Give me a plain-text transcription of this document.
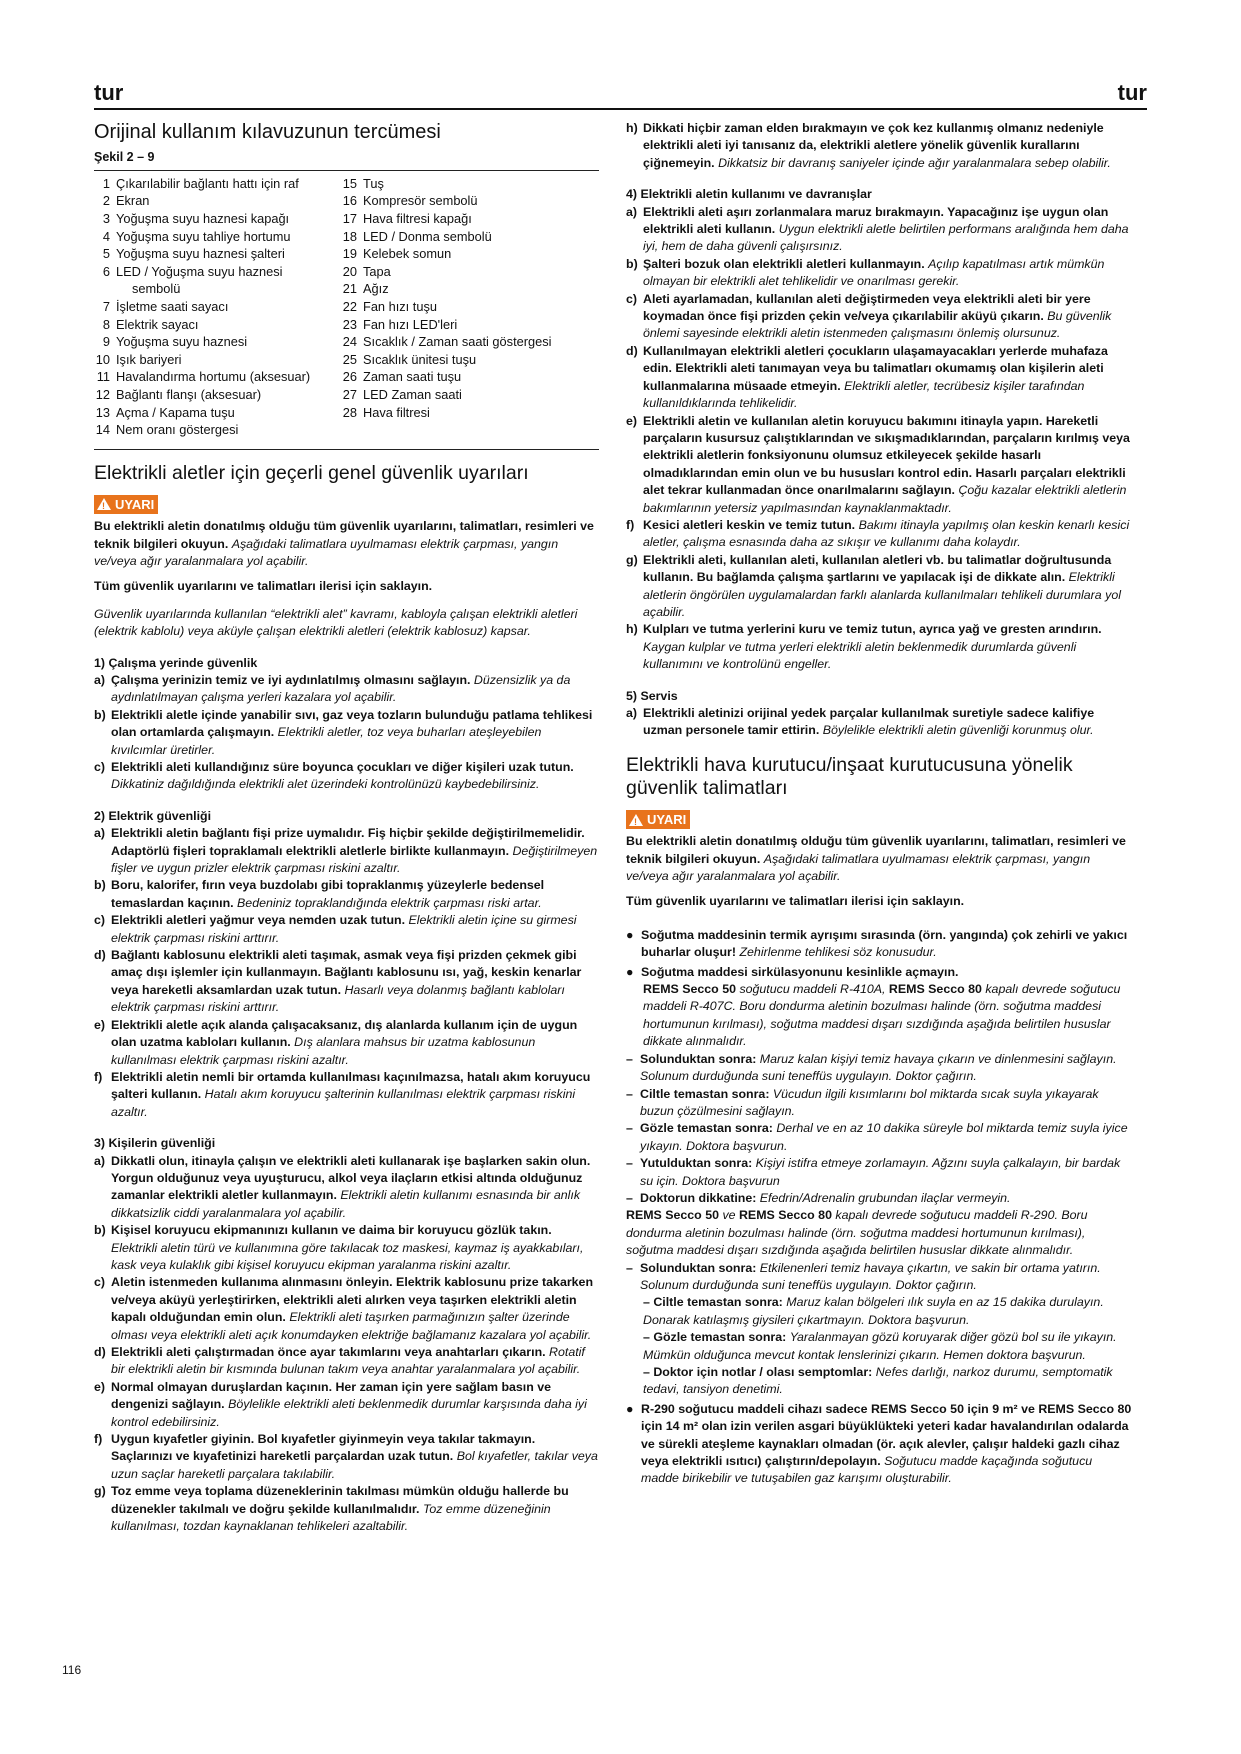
tur	tur
Orijinal kullanım kılavuzunun tercümesi
Şekil 2 – 9
1 Çıkarılabilir bağlantı hattı için raf
2 Ekran
3 Yoğuşma suyu haznesi kapağı
4 Yoğuşma suyu tahliye hortumu
5 Yoğuşma suyu haznesi şalteri
6 LED / Yoğuşma suyu haznesi
sembolü
7 İşletme saati sayacı
8 Elektrik sayacı
9 Yoğuşma suyu haznesi
10 Işık bariyeri
11 Havalandırma hortumu (aksesuar)
12 Bağlantı flanşı (aksesuar)
13 Açma / Kapama tuşu
14 Nem oranı göstergesi
15 Tuş
16 Kompresör sembolü
17 Hava filtresi kapağı
18 LED / Donma sembolü
19 Kelebek somun
20 Tapa
21 Ağız
22 Fan hızı tuşu
23 Fan hızı LED'leri
24 Sıcaklık / Zaman saati göstergesi
25 Sıcaklık ünitesi tuşu
26 Zaman saati tuşu
27 LED Zaman saati
28 Hava filtresi
Elektrikli aletler için geçerli genel güvenlik uyarıları
!
UYARI

Bu elektrikli aletin donatılmış olduğu tüm güvenlik uyarılarını, talimatları, resimleri ve teknik bilgileri okuyun. Aşağıdaki talimatlara uyulmaması elektrik çarpması, yangın ve/veya ağır yaralanmalara yol açabilir.

Tüm güvenlik uyarılarını ve talimatları ilerisi için saklayın.

Güvenlik uyarılarında kullanılan “elektrikli alet” kavramı, kabloyla çalışan elektrikli aletleri (elektrik kablolu) veya aküyle çalışan elektrikli aletleri (elektrik kablosuz) kapsar.

1) Çalışma yerinde güvenlik

a) Çalışma yerinizin temiz ve iyi aydınlatılmış olmasını sağlayın. Düzensizlik ya da aydınlatılmayan çalışma yerleri kazalara yol açabilir.
b) Elektrikli aletle içinde yanabilir sıvı, gaz veya tozların bulunduğu patlama tehlikesi olan ortamlarda çalışmayın. Elektrikli aletler, toz veya buharları ateşleyebilen kıvılcımlar üretirler.
c) Elektrikli aleti kullandığınız süre boyunca çocukları ve diğer kişileri uzak tutun. Dikkatiniz dağıldığında elektrikli alet üzerindeki kontrolünüzü kaybedebilirsiniz.

2) Elektrik güvenliği

a) Elektrikli aletin bağlantı fişi prize uymalıdır. Fiş hiçbir şekilde değiştirilmemelidir. Adaptörlü fişleri topraklamalı elektrikli aletlerle birlikte kullanmayın. Değiştirilmeyen fişler ve uygun prizler elektrik çarpması riskini azaltır.
b) Boru, kalorifer, fırın veya buzdolabı gibi topraklanmış yüzeylerle bedensel temaslardan kaçının. Bedeniniz topraklandığında elektrik çarpması riski artar.
c) Elektrikli aletleri yağmur veya nemden uzak tutun. Elektrikli aletin içine su girmesi elektrik çarpması riskini arttırır.
d) Bağlantı kablosunu elektrikli aleti taşımak, asmak veya fişi prizden çekmek gibi amaç dışı işlemler için kullanmayın. Bağlantı kablosunu ısı, yağ, keskin kenarlar veya hareketli aksamlardan uzak tutun. Hasarlı veya dolanmış bağlantı kabloları elektrik çarpması riskini arttırır.
e) Elektrikli aletle açık alanda çalışacaksanız, dış alanlarda kullanım için de uygun olan uzatma kabloları kullanın. Dış alanlara mahsus bir uzatma kablosunun kullanılması elektrik çarpması riskini azaltır.
f) Elektrikli aletin nemli bir ortamda kullanılması kaçınılmazsa, hatalı akım koruyucu şalteri kullanın. Hatalı akım koruyucu şalterinin kullanılması elektrik çarpması riskini azaltır.

3) Kişilerin güvenliği

a) Dikkatli olun, itinayla çalışın ve elektrikli aleti kullanarak işe başlarken sakin olun. Yorgun olduğunuz veya uyuşturucu, alkol veya ilaçların etkisi altında olduğunuz zamanlar elektrikli aletler kullanmayın. Elektrikli aletin kullanımı esnasında bir anlık dikkatsizlik ciddi yaralanmalara yol açabilir.
b) Kişisel koruyucu ekipmanınızı kullanın ve daima bir koruyucu gözlük takın. Elektrikli aletin türü ve kullanımına göre takılacak toz maskesi, kaymaz iş ayakkabıları, kask veya kulaklık gibi kişisel koruyucu ekipman yaralanma riskini azaltır.
c) Aletin istenmeden kullanıma alınmasını önleyin. Elektrik kablosunu prize takarken ve/veya aküyü yerleştirirken, elektrikli aleti alırken veya taşırken elektrikli aletin kapalı olduğundan emin olun. Elektrikli aleti taşırken parmağınızın şalter üzerinde olması veya elektrikli aleti açık konumdayken elektriğe bağlamanız kazalara yol açabilir.
d) Elektrikli aleti çalıştırmadan önce ayar takımlarını veya anahtarları çıkarın. Rotatif bir elektrikli aletin bir kısmında bulunan takım veya anahtar yaralanmalara yol açabilir.
e) Normal olmayan duruşlardan kaçının. Her zaman için yere sağlam basın ve dengenizi sağlayın. Böylelikle elektrikli aleti beklenmedik durumlar karşısında daha iyi kontrol edebilirsiniz.
f) Uygun kıyafetler giyinin. Bol kıyafetler giyinmeyin veya takılar takmayın. Saçlarınızı ve kıyafetinizi hareketli parçalardan uzak tutun. Bol kıyafetler, takılar veya uzun saçlar hareketli parçalara takılabilir.
g) Toz emme veya toplama düzeneklerinin takılması mümkün olduğu hallerde bu düzenekler takılmalı ve doğru şekilde kullanılmalıdır. Toz emme düzeneğinin kullanılması, tozdan kaynaklanan tehlikeleri azaltabilir.
h) Dikkati hiçbir zaman elden bırakmayın ve çok kez kullanmış olmanız nedeniyle elektrikli aleti iyi tanısanız da, elektrikli aletlere yönelik güvenlik kurallarını çiğnemeyin. Dikkatsiz bir davranış saniyeler içinde ağır yaralanmalara sebep olabilir.

4) Elektrikli aletin kullanımı ve davranışlar

a) Elektrikli aleti aşırı zorlanmalara maruz bırakmayın. Yapacağınız işe uygun olan elektrikli aleti kullanın. Uygun elektrikli aletle belirtilen performans aralığında hem daha iyi, hem de daha güvenli çalışırsınız.
b) Şalteri bozuk olan elektrikli aletleri kullanmayın. Açılıp kapatılması artık mümkün olmayan bir elektrikli alet tehlikelidir ve onarılması gerekir.
c) Aleti ayarlamadan, kullanılan aleti değiştirmeden veya elektrikli aleti bir yere koymadan önce fişi prizden çekin ve/veya çıkarılabilir aküyü çıkarın. Bu güvenlik önlemi sayesinde elektrikli aletin istenmeden çalışmasını önlemiş olursunuz.
d) Kullanılmayan elektrikli aletleri çocukların ulaşamayacakları yerlerde muhafaza edin. Elektrikli aleti tanımayan veya bu talimatları okumamış olan kişilerin aleti kullanmalarına müsaade etmeyin. Elektrikli aletler, tecrübesiz kişiler tarafından kullanıldıklarında tehlikelidir.
e) Elektrikli aletin ve kullanılan aletin koruyucu bakımını itinayla yapın. Hareketli parçaların kusursuz çalıştıklarından ve sıkışmadıklarından, parçaların kırılmış veya elektrikli aletlerin fonksiyonunu olumsuz etkileyecek şekilde hasarlı olmadıklarından emin olun ve bu hususları kontrol edin. Hasarlı parçaları elektrikli alet tekrar kullanmadan önce onarılmalarını sağlayın. Çoğu kazalar elektrikli aletlerin bakımlarının yetersiz yapılmasından kaynaklanmaktadır.
f) Kesici aletleri keskin ve temiz tutun. Bakımı itinayla yapılmış olan keskin kenarlı kesici aletler, çalışma esnasında daha az sıkışır ve kullanımı daha kolaydır.
g) Elektrikli aleti, kullanılan aleti, kullanılan aletleri vb. bu talimatlar doğrultusunda kullanın. Bu bağlamda çalışma şartlarını ve yapılacak işi de dikkate alın. Elektrikli aletlerin öngörülen uygulamalardan farklı alanlarda kullanılmaları tehlikeli durumlara yol açabilir.
h) Kulpları ve tutma yerlerini kuru ve temiz tutun, ayrıca yağ ve gresten arındırın. Kaygan kulplar ve tutma yerleri elektrikli aletin beklenmedik durumlarda güvenli kullanımını ve kontrolünü engeller.

5) Servis

a) Elektrikli aletinizi orijinal yedek parçalar kullanılmak suretiyle sadece kalifiye uzman personele tamir ettirin. Böylelikle elektrikli aletin güvenliği korunmuş olur.
Elektrikli hava kurutucu/inşaat kurutucusuna yönelik güvenlik talimatları
!
UYARI

Bu elektrikli aletin donatılmış olduğu tüm güvenlik uyarılarını, talimatları, resimleri ve teknik bilgileri okuyun. Aşağıdaki talimatlara uyulmaması elektrik çarpması, yangın ve/veya ağır yaralanmalara yol açabilir.

Tüm güvenlik uyarılarını ve talimatları ilerisi için saklayın.

● Soğutma maddesinin termik ayrışımı sırasında (örn. yangında) çok zehirli ve yakıcı buharlar oluşur! Zehirlenme tehlikesi söz konusudur.
● Soğutma maddesi sirkülasyonunu kesinlikle açmayın.

REMS Secco 50 soğutucu maddeli R-410A, REMS Secco 80 kapalı devrede soğutucu maddeli R-407C. Boru dondurma aletinin bozulması halinde (örn. soğutma maddesi hortumunun kırılması), soğutma maddesi dışarı sızdığında aşağıda belirtilen hususlar dikkate alınmalıdır.

– Solunduktan sonra: Maruz kalan kişiyi temiz havaya çıkarın ve dinlenmesini sağlayın. Solunum durduğunda suni teneffüs uygulayın. Doktor çağırın.
– Ciltle temastan sonra: Vücudun ilgili kısımlarını bol miktarda sıcak suyla yıkayarak buzun çözülmesini sağlayın.
– Gözle temastan sonra: Derhal ve en az 10 dakika süreyle bol miktarda temiz suyla iyice yıkayın. Doktora başvurun.
– Yutulduktan sonra: Kişiyi istifra etmeye zorlamayın. Ağzını suyla çalkalayın, bir bardak su için. Doktora başvurun
– Doktorun dikkatine: Efedrin/Adrenalin grubundan ilaçlar vermeyin.

REMS Secco 50 ve REMS Secco 80 kapalı devrede soğutucu maddeli R-290. Boru dondurma aletinin bozulması halinde (örn. soğutma maddesi hortumunun kırılması), soğutma maddesi dışarı sızdığında aşağıda belirtilen hususlar dikkate alınmalıdır.

– Solunduktan sonra: Etkilenenleri temiz havaya çıkartın, ve sakin bir ortama yatırın. Solunum durduğunda suni teneffüs uygulayın. Doktor çağırın.

– Ciltle temastan sonra: Maruz kalan bölgeleri ılık suyla en az 15 dakika durulayın. Donarak katılaşmış giysileri çıkartmayın. Doktora başvurun.

– Gözle temastan sonra: Yaralanmayan gözü koruyarak diğer gözü bol su ile yıkayın. Mümkün olduğunca mevcut kontak lenslerinizi çıkarın. Hemen doktora başvurun.

– Doktor için notlar / olası semptomlar: Nefes darlığı, narkoz durumu, semptomatik tedavi, tansiyon denetimi.

● R-290 soğutucu maddeli cihazı sadece REMS Secco 50 için 9 m² ve REMS Secco 80 için 14 m² olan izin verilen asgari büyüklükteki yeteri kadar havalandırılan odalarda ve sürekli ateşleme kaynakları olmadan (ör. açık alevler, çalışır haldeki gazlı cihaz veya elektrikli ısıtıcı) çalıştırın/depolayın. Soğutucu madde kaçağında soğutucu madde birikebilir ve tutuşabilen gaz karışımı oluşturabilir.
116
